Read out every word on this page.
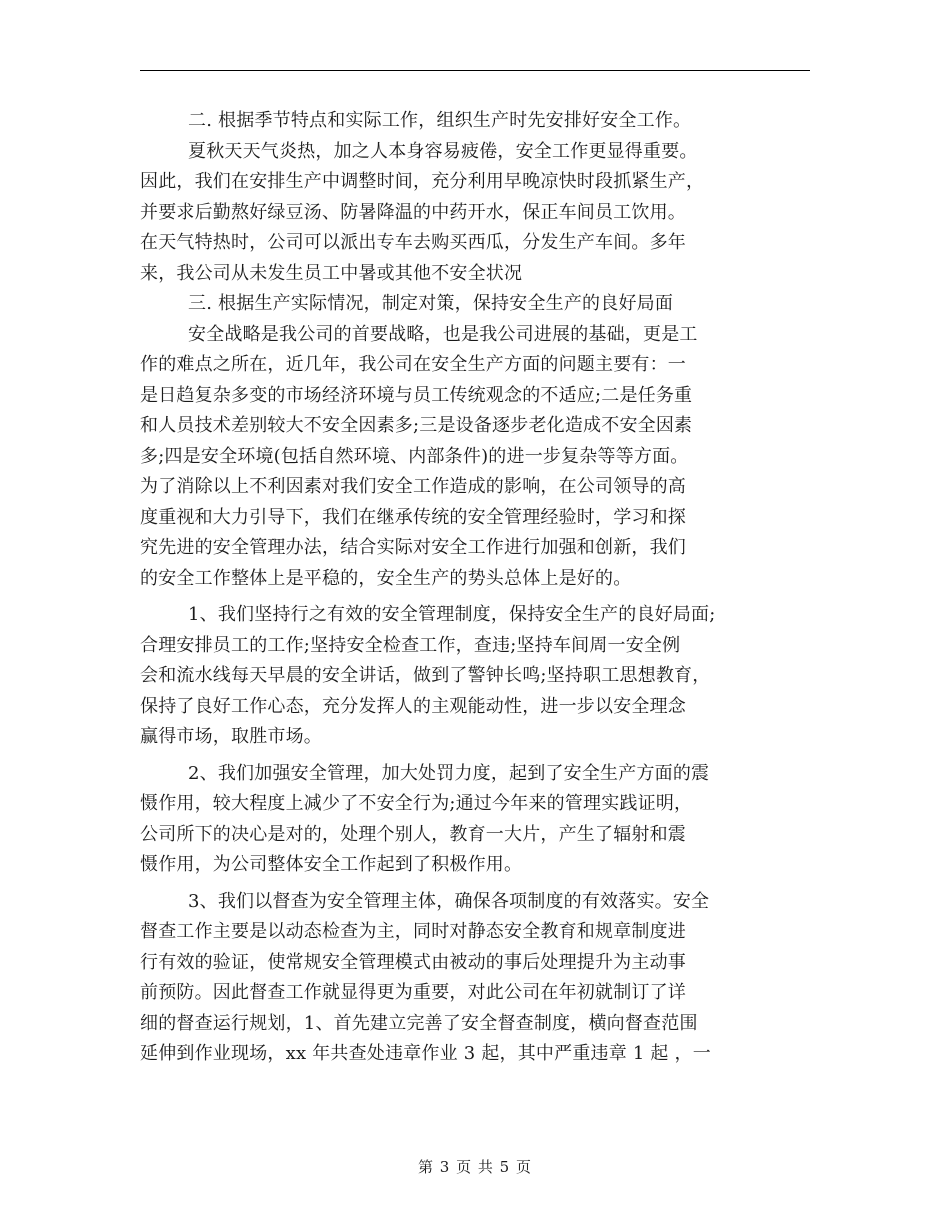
二. 根据季节特点和实际工作，组织生产时先安排好安全工作。
夏秋天天气炎热，加之人本身容易疲倦，安全工作更显得重要。
因此，我们在安排生产中调整时间，充分利用早晚凉快时段抓紧生产，
并要求后勤熬好绿豆汤、防暑降温的中药开水，保正车间员工饮用。
在天气特热时，公司可以派出专车去购买西瓜，分发生产车间。多年
来，我公司从未发生员工中暑或其他不安全状况
三. 根据生产实际情况，制定对策，保持安全生产的良好局面
安全战略是我公司的首要战略，也是我公司进展的基础，更是工
作的难点之所在，近几年，我公司在安全生产方面的问题主要有：一
是日趋复杂多变的市场经济环境与员工传统观念的不适应;二是任务重
和人员技术差别较大不安全因素多;三是设备逐步老化造成不安全因素
多;四是安全环境(包括自然环境、内部条件)的进一步复杂等等方面。
为了消除以上不利因素对我们安全工作造成的影响，在公司领导的高
度重视和大力引导下，我们在继承传统的安全管理经验时，学习和探
究先进的安全管理办法，结合实际对安全工作进行加强和创新，我们
的安全工作整体上是平稳的，安全生产的势头总体上是好的。
1、我们坚持行之有效的安全管理制度，保持安全生产的良好局面;
合理安排员工的工作;坚持安全检查工作，查违;坚持车间周一安全例
会和流水线每天早晨的安全讲话，做到了警钟长鸣;坚持职工思想教育，
保持了良好工作心态，充分发挥人的主观能动性，进一步以安全理念
赢得市场，取胜市场。
2、我们加强安全管理，加大处罚力度，起到了安全生产方面的震
慑作用，较大程度上减少了不安全行为;通过今年来的管理实践证明，
公司所下的决心是对的，处理个别人，教育一大片，产生了辐射和震
慑作用，为公司整体安全工作起到了积极作用。
3、我们以督查为安全管理主体，确保各项制度的有效落实。安全
督查工作主要是以动态检查为主，同时对静态安全教育和规章制度进
行有效的验证，使常规安全管理模式由被动的事后处理提升为主动事
前预防。因此督查工作就显得更为重要，对此公司在年初就制订了详
细的督查运行规划，1、首先建立完善了安全督查制度，横向督查范围
延伸到作业现场，xx 年共查处违章作业 3 起，其中严重违章 1 起 ，一
第 3 页 共 5 页
